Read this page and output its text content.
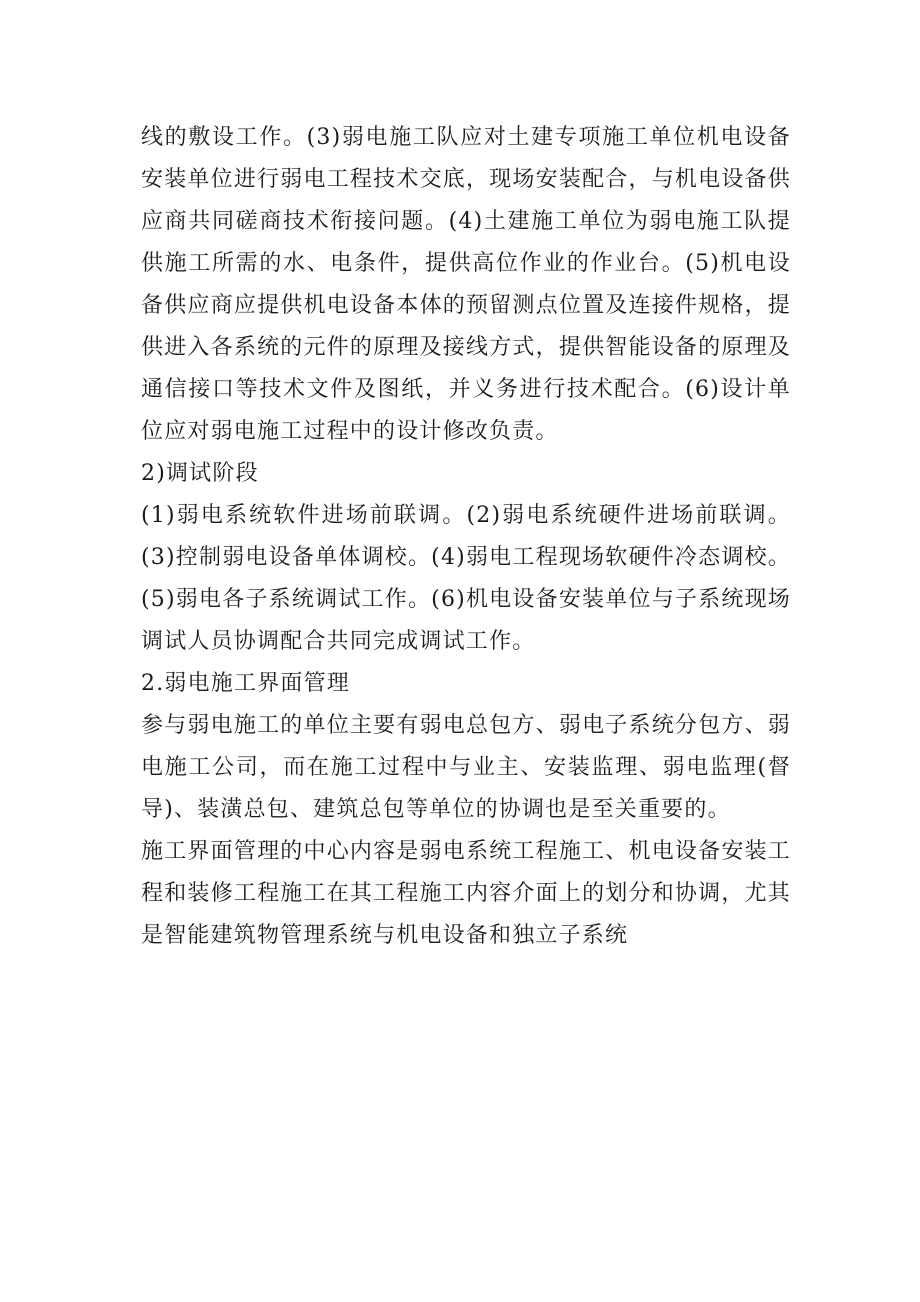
线的敷设工作。(3)弱电施工队应对土建专项施工单位机电设备安装单位进行弱电工程技术交底，现场安装配合，与机电设备供应商共同磋商技术衔接问题。(4)土建施工单位为弱电施工队提供施工所需的水、电条件，提供高位作业的作业台。(5)机电设备供应商应提供机电设备本体的预留测点位置及连接件规格，提供进入各系统的元件的原理及接线方式，提供智能设备的原理及通信接口等技术文件及图纸，并义务进行技术配合。(6)设计单位应对弱电施工过程中的设计修改负责。

2)调试阶段

(1)弱电系统软件进场前联调。(2)弱电系统硬件进场前联调。(3)控制弱电设备单体调校。(4)弱电工程现场软硬件冷态调校。(5)弱电各子系统调试工作。(6)机电设备安装单位与子系统现场调试人员协调配合共同完成调试工作。

2.弱电施工界面管理

参与弱电施工的单位主要有弱电总包方、弱电子系统分包方、弱电施工公司，而在施工过程中与业主、安装监理、弱电监理(督导)、装潢总包、建筑总包等单位的协调也是至关重要的。

施工界面管理的中心内容是弱电系统工程施工、机电设备安装工程和装修工程施工在其工程施工内容介面上的划分和协调，尤其是智能建筑物管理系统与机电设备和独立子系统
